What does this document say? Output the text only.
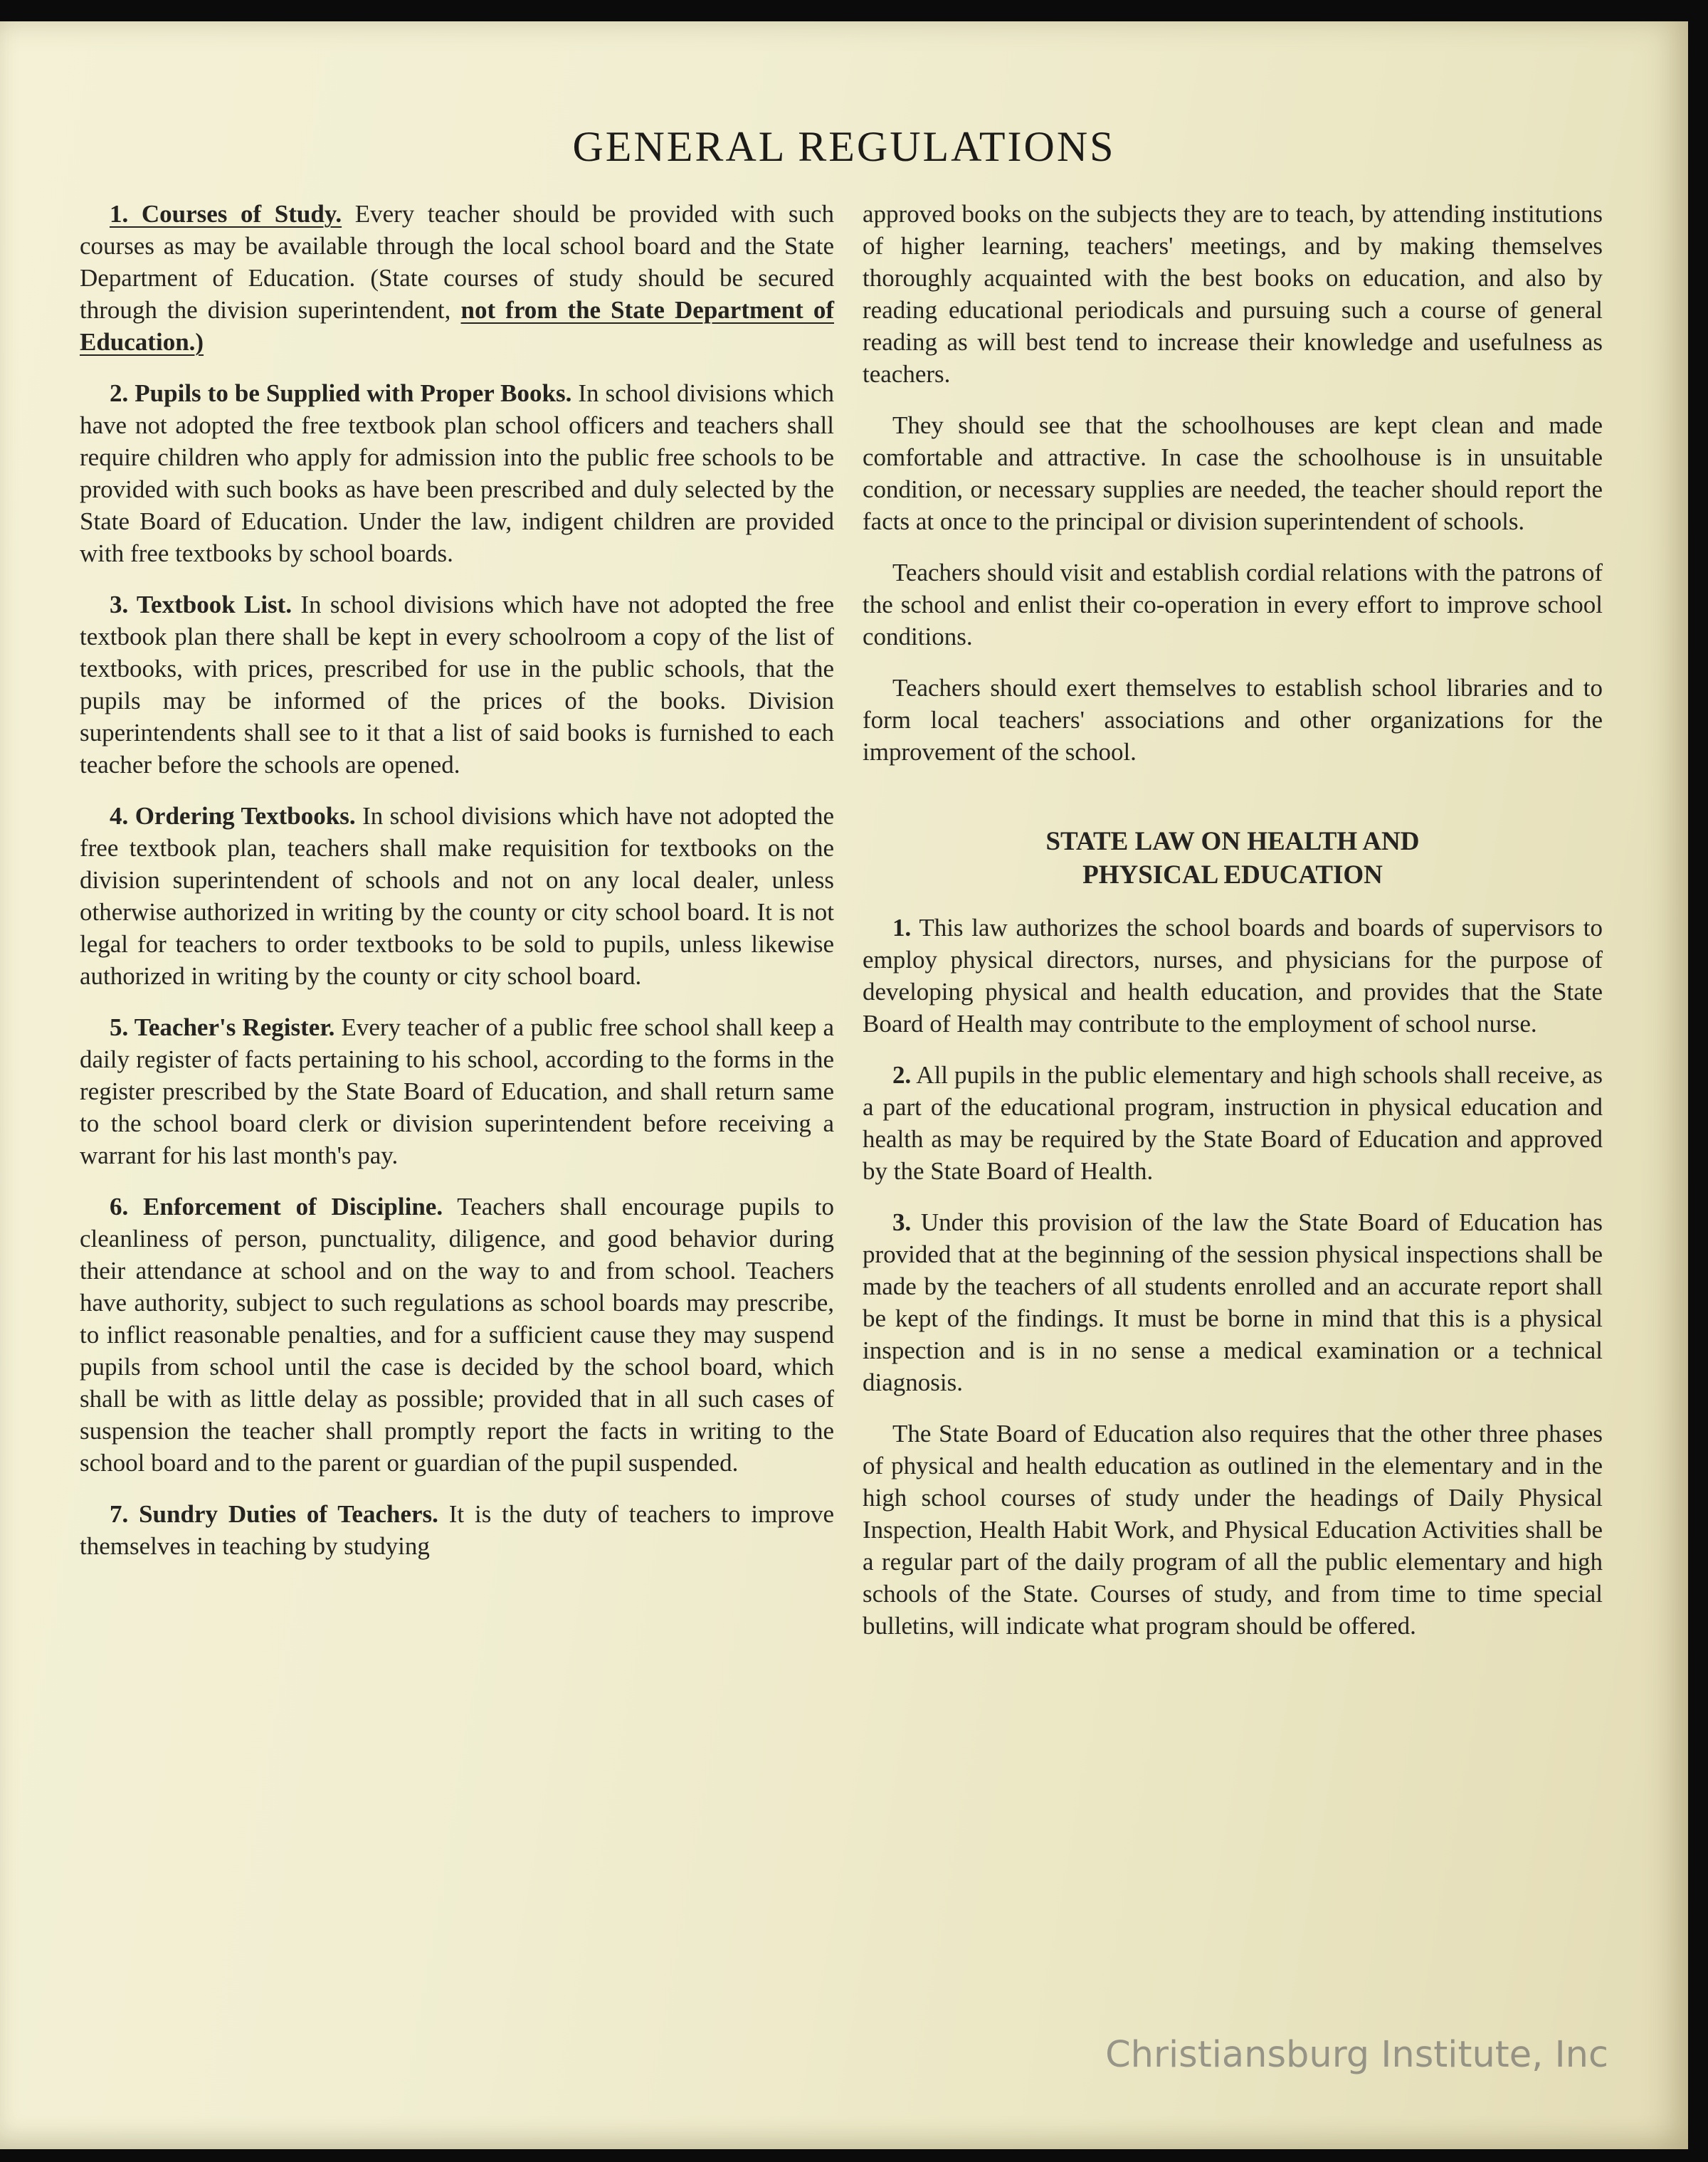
GENERAL REGULATIONS

1. Courses of Study. Every teacher should be provided with such courses as may be available through the local school board and the State Department of Education. (State courses of study should be secured through the division superintendent, not from the State Department of Education.)

2. Pupils to be Supplied with Proper Books. In school divisions which have not adopted the free textbook plan school officers and teachers shall require children who apply for admission into the public free schools to be provided with such books as have been prescribed and duly selected by the State Board of Education. Under the law, indigent children are provided with free textbooks by school boards.

3. Textbook List. In school divisions which have not adopted the free textbook plan there shall be kept in every schoolroom a copy of the list of textbooks, with prices, prescribed for use in the public schools, that the pupils may be informed of the prices of the books. Division superintendents shall see to it that a list of said books is furnished to each teacher before the schools are opened.

4. Ordering Textbooks. In school divisions which have not adopted the free textbook plan, teachers shall make requisition for textbooks on the division superintendent of schools and not on any local dealer, unless otherwise authorized in writing by the county or city school board. It is not legal for teachers to order textbooks to be sold to pupils, unless likewise authorized in writing by the county or city school board.

5. Teacher's Register. Every teacher of a public free school shall keep a daily register of facts pertaining to his school, according to the forms in the register prescribed by the State Board of Education, and shall return same to the school board clerk or division superintendent before receiving a warrant for his last month's pay.

6. Enforcement of Discipline. Teachers shall encourage pupils to cleanliness of person, punctuality, diligence, and good behavior during their attendance at school and on the way to and from school. Teachers have authority, subject to such regulations as school boards may prescribe, to inflict reasonable penalties, and for a sufficient cause they may suspend pupils from school until the case is decided by the school board, which shall be with as little delay as possible; provided that in all such cases of suspension the teacher shall promptly report the facts in writing to the school board and to the parent or guardian of the pupil suspended.

7. Sundry Duties of Teachers. It is the duty of teachers to improve themselves in teaching by studying

approved books on the subjects they are to teach, by attending institutions of higher learning, teachers' meetings, and by making themselves thoroughly acquainted with the best books on education, and also by reading educational periodicals and pursuing such a course of general reading as will best tend to increase their knowledge and usefulness as teachers.

They should see that the schoolhouses are kept clean and made comfortable and attractive. In case the schoolhouse is in unsuitable condition, or necessary supplies are needed, the teacher should report the facts at once to the principal or division superintendent of schools.

Teachers should visit and establish cordial relations with the patrons of the school and enlist their co-operation in every effort to improve school conditions.

Teachers should exert themselves to establish school libraries and to form local teachers' associations and other organizations for the improvement of the school.

STATE LAW ON HEALTH AND
PHYSICAL EDUCATION

1. This law authorizes the school boards and boards of supervisors to employ physical directors, nurses, and physicians for the purpose of developing physical and health education, and provides that the State Board of Health may contribute to the employment of school nurse.

2. All pupils in the public elementary and high schools shall receive, as a part of the educational program, instruction in physical education and health as may be required by the State Board of Education and approved by the State Board of Health.

3. Under this provision of the law the State Board of Education has provided that at the beginning of the session physical inspections shall be made by the teachers of all students enrolled and an accurate report shall be kept of the findings. It must be borne in mind that this is a physical inspection and is in no sense a medical examination or a technical diagnosis.

The State Board of Education also requires that the other three phases of physical and health education as outlined in the elementary and in the high school courses of study under the headings of Daily Physical Inspection, Health Habit Work, and Physical Education Activities shall be a regular part of the daily program of all the public elementary and high schools of the State. Courses of study, and from time to time special bulletins, will indicate what program should be offered.

Christiansburg Institute, Inc
